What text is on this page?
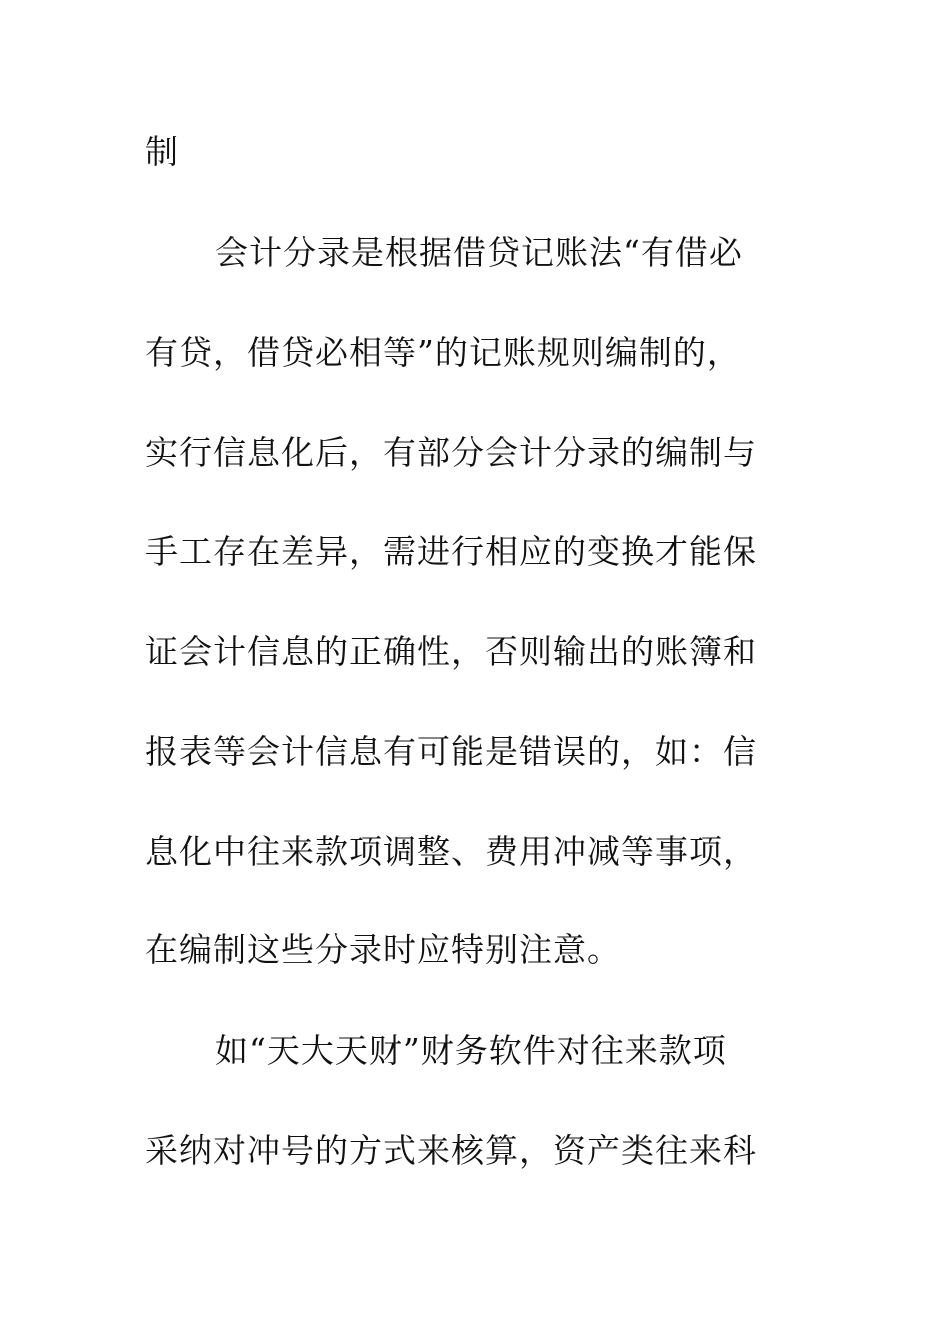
制

会计分录是根据借贷记账法“有借必

有贷，借贷必相等”的记账规则编制的，

实行信息化后，有部分会计分录的编制与

手工存在差异，需进行相应的变换才能保

证会计信息的正确性，否则输出的账簿和

报表等会计信息有可能是错误的，如：信

息化中往来款项调整、费用冲减等事项，

在编制这些分录时应特别注意。

如“天大天财”财务软件对往来款项

采纳对冲号的方式来核算，资产类往来科
